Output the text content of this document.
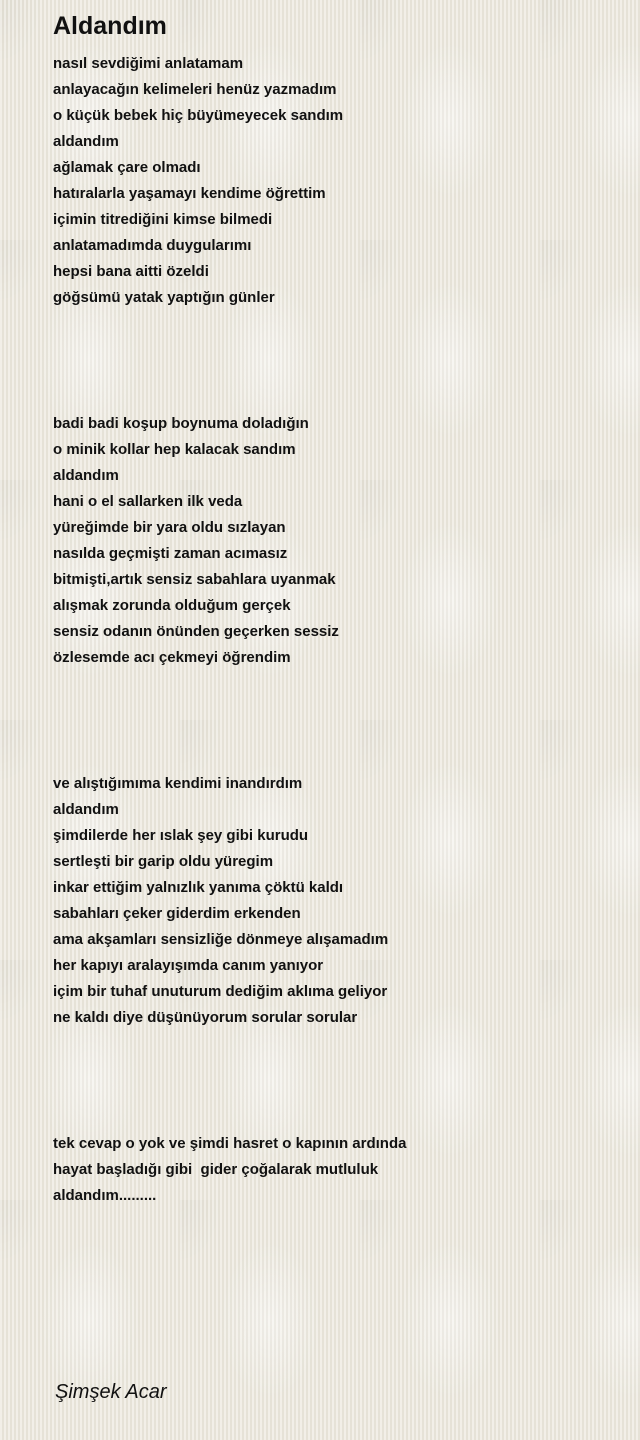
Aldandım
nasıl sevdiğimi anlatamam
anlayacağın kelimeleri henüz yazmadım
o küçük bebek hiç büyümeyecek sandım
aldandım
ağlamak çare olmadı
hatıralarla yaşamayı kendime öğrettim
içimin titrediğini kimse bilmedi
anlatamadımda duygularımı
hepsi bana aitti özeldi
göğsümü yatak yaptığın günler
badi badi koşup boynuma doladığın
o minik kollar hep kalacak sandım
aldandım
hani o el sallarken ilk veda
yüreğimde bir yara oldu sızlayan
nasılda geçmişti zaman acımasız
bitmişti,artık sensiz sabahlara uyanmak
alışmak zorunda olduğum gerçek
sensiz odanın önünden geçerken sessiz
özlesemde acı çekmeyi öğrendim
ve alıştığımıma kendimi inandırdım
aldandım
şimdilerde her ıslak şey gibi kurudu
sertleşti bir garip oldu yüregim
inkar ettiğim yalnızlık yanıma çöktü kaldı
sabahları çeker giderdim erkenden
ama akşamları sensizliğe dönmeye alışamadım
her kapıyı aralayışımda canım yanıyor
içim bir tuhaf unuturum dediğim aklıma geliyor
ne kaldı diye düşünüyorum sorular sorular
tek cevap o yok ve şimdi hasret o kapının ardında
hayat başladığı gibi  gider çoğalarak mutluluk
aldandım.........
Şimşek Acar
